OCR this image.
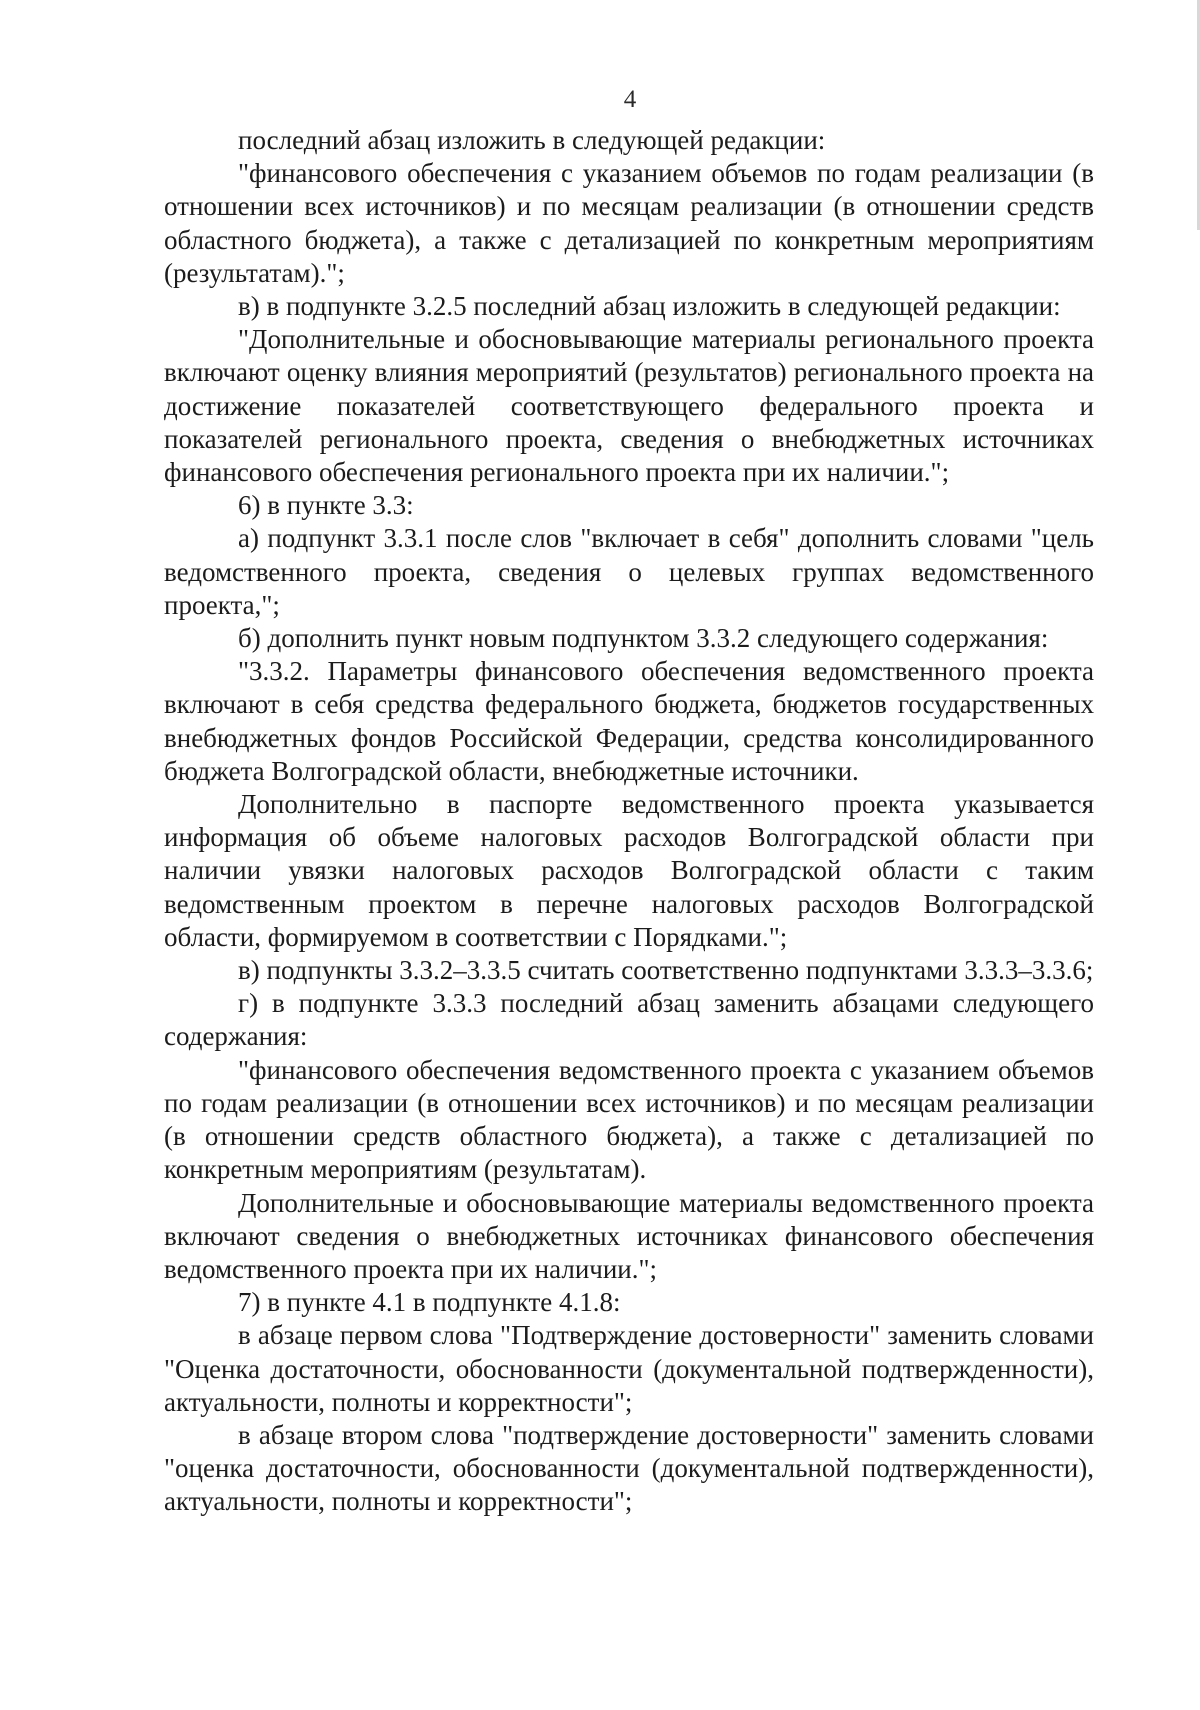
4

последний абзац изложить в следующей редакции:

"финансового обеспечения с указанием объемов по годам реализации (в отношении всех источников) и по месяцам реализации (в отношении средств областного бюджета), а также с детализацией по конкретным мероприятиям (результатам).";

в) в подпункте 3.2.5 последний абзац изложить в следующей редакции:

"Дополнительные и обосновывающие материалы регионального проекта включают оценку влияния мероприятий (результатов) регионального проекта на достижение показателей соответствующего федерального проекта и показателей регионального проекта, сведения о внебюджетных источниках финансового обеспечения регионального проекта при их наличии.";

6) в пункте 3.3:

а) подпункт 3.3.1 после слов "включает в себя" дополнить словами "цель ведомственного проекта, сведения о целевых группах ведомственного проекта,";

б) дополнить пункт новым подпунктом 3.3.2 следующего содержания:

"3.3.2. Параметры финансового обеспечения ведомственного проекта включают в себя средства федерального бюджета, бюджетов государственных внебюджетных фондов Российской Федерации, средства консолидированного бюджета Волгоградской области, внебюджетные источники.

Дополнительно в паспорте ведомственного проекта указывается информация об объеме налоговых расходов Волгоградской области при наличии увязки налоговых расходов Волгоградской области с таким ведомственным проектом в перечне налоговых расходов Волгоградской области, формируемом в соответствии с Порядками.";

в) подпункты 3.3.2–3.3.5 считать соответственно подпунктами 3.3.3–3.3.6;

г) в подпункте 3.3.3 последний абзац заменить абзацами следующего содержания:

"финансового обеспечения ведомственного проекта с указанием объемов по годам реализации (в отношении всех источников) и по месяцам реализации (в отношении средств областного бюджета), а также с детализацией по конкретным мероприятиям (результатам).

Дополнительные и обосновывающие материалы ведомственного проекта включают сведения о внебюджетных источниках финансового обеспечения ведомственного проекта при их наличии.";

7) в пункте 4.1 в подпункте 4.1.8:

в абзаце первом слова "Подтверждение достоверности" заменить словами "Оценка достаточности, обоснованности (документальной подтвержденности), актуальности, полноты и корректности";

в абзаце втором слова "подтверждение достоверности" заменить словами "оценка достаточности, обоснованности (документальной подтвержденности), актуальности, полноты и корректности";
